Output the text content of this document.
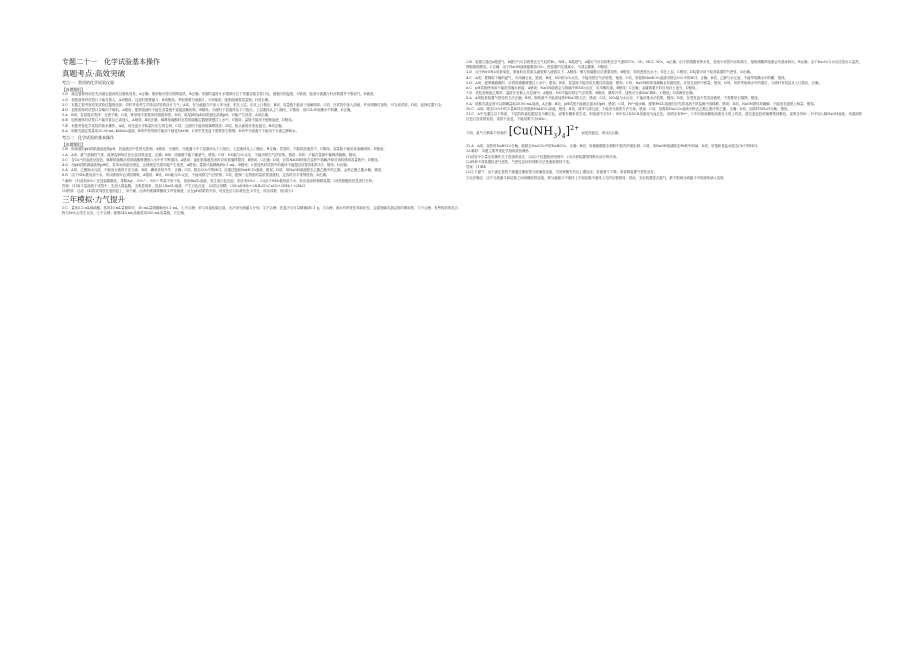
专题二十一　化学试验基本操作
真题考点·高效突破
考点一：常用的化学试验仪器
【真题题组】

1.D　滴定管使用前应先用滴定液润洗以避免误差，A正确；锥形瓶可垫石棉网加热，B正确；蒸馏时温度计水银球应位于蒸馏烧瓶支管口处，测馏分的温度，C错误；振荡分液漏斗时应倒置并不断放气，D错误。

2.D　加热液体时试管口不能对着人，A项错误；过滤时需要漏斗，B项错误；萃取需要分液漏斗，C项错误；配制溶液需容量瓶，D项正确。

3.C　本题主要考查常见试验仪器的选择，同时考查考生对简洁试验的设计力气。A项，在分液漏斗中加入苯分液，苯在上层，应从上口倒出，B项，容量瓶不能用于溶解固体，C项，在试管中加入溶液，并用酒精灯加热，可完成试验，D项，选择仪器不全。

4.D　加热固体时试管口应略向下倾斜，A错误；配制溶液时不能在容量瓶中直接溶解固体，B错误；分液时下层液体从下口放出，上层液体从上口倒出，C错误；用CCl₄萃取碘水中的碘，D正确。

5.A　B项，容量瓶应洗净，无需干燥；C项，锥形瓶不需要用待测液润洗；D项，用湿润的pH试纸测定溶液pH，可能产生误差，A项正确。

6.B　加热液体时试管口不能对着自己或他人，A错误；B项正确；稀释浓硫酸时应将浓硫酸沿器壁缓慢注入水中，C错误；量筒不能用于配制溶液，D错误。

7.B　本题考查化学试验的基本操作。A项，用托盘天平称量时应左物右码；C项，过滤时不能用玻璃棒搅拌；D项，胶头滴管应垂直悬空。B项正确。

8.A　用酸式滴定管量取20.00 mL KMnO₄溶液，B项中瓷坩埚不能用于熔化NaOH，C项中蒸发皿不需要垫石棉网，D项中分液漏斗不能用于分离乙醇和水。

考点二：化学试验的基本操作
【真题题组】

1.B　用润湿的pH试纸测溶液的pH，若溶液呈中性则无影响，A错误；分液时，分液漏斗中下层液体从下口放出，上层液体从上口倒出，B正确；蒸发时，不能将溶液蒸干，C错误；容量瓶不能用来溶解固体，D错误。

2.A　A项：氨气是碱性气体，能使湿润的红色石蕊试纸变蓝，正确；B项：浓硫酸不能干燥氨气，错误；C项：NO能与O₂反应，不能用排空气法收集，错误；D项：不能在量筒中稀释浓硫酸，错误。

3.C　含Cu²⁺的溶液呈蓝色，稀释浓硫酸应将浓硫酸缓慢倒入水中并不断搅拌，A错误；氯化钠溶液蒸发时应用玻璃棒搅拌，B错误；C正确；D项，应将NaOH固体在烧杯中溶解冷却后再转移到容量瓶中，D错误。

4.D　用pH试纸测溶液的pH时，若用水润湿后测定，会使测定结果可能产生误差，A错误；量筒只能精确到0.1 mL，B错误；C项加热时试管中的液体不能超过试管容积的1/3，错误；D正确。

5.A　A项，乙醇和水互溶，不能用分液的方法分离；B项，碘单质易升华，正确；C项，除去CO₂中的HCl，应通过饱和NaHCO₃溶液，错误；D项，用NaOH溶液除去乙酸乙酯中的乙酸，会使乙酸乙酯水解，错误。

6.D　由于NH₃极易溶于水，所以吸收时必须防倒吸，A错误；B项，NO能与O₂反应，不能用排空气法收集；C项，配制一定物质的量浓度溶液时，定容时应平视刻度线；D正确。

7.解析：(1)检验SO₄²⁻先加盐酸酸化，排除Ag⁺、CO₃²⁻、SO₃²⁻等离子的干扰，再加BaCl₂溶液，若生成白色沉淀，则含有SO₄²⁻。(2)由于NH₃极易溶于水，故应选用防倒吸装置。(3)按照题给信息进行分析。

答案：(1)取少量溶液于试管中，先加入稀盐酸，无明显现象，再加入BaCl₂溶液，产生白色沉淀　(2)防止倒吸　(3)Ca(OH)₂+2NH₄Cl=CaCl₂+2NH₃↑+2H₂O

(3)铁屑　过滤　(4)将试剂放在表面皿上，用干燥、洁净的玻璃棒蘸取少许待测液，点在pH试纸的中部，待变色后与标准比色卡对比，读出读数　低(或小)

三年模拟·力气提升

1.C　量取5.2 mL稀硫酸，选用10 mL量筒即可，10 mL量筒精确至0.1 mL，①不合理；苯与四氯化碳互溶，无法用分液漏斗分别，②不合理；托盘天平可以精确到0.1 g，③合理；溴水有挥发性和氧化性，会腐蚀碱式滴定管的橡胶管，④不合理；有些物质的化合物与SiO₂会发生反应，⑤不合理；配制240 mL溶液需用250 mL容量瓶，⑥正确。

2.B　装置①通过a端进气，b端出气可以收集比空气轻的H₂、NH₃，b端进气，a端出气可以收集比空气重的CO₂、Cl₂、HCl、NO₂，A正确；由于浓硫酸有吸水性，造成小试管内水的减少，饱和硝酸钾溶液会有晶体析出，B正确；由于Na₂O₂与水反应放出大量热，使脱脂棉燃烧，C正确；由于NaOH溶液能吸收CO₂，使烧瓶内压强减小，气球会膨胀，D错误。

3.D　由于Fe(OH)₂易被氧化，制备时应将胶头滴管伸入液面以下，A错误；铜与浓硫酸反应需要加热，B错误；苯的密度比水小，苯在上层，C错误；D装置可用于检查装置的气密性，D正确。

4.C　A项，要制取干燥的氨气，可用碱石灰，错误；B项，NO易与O₂反应，不能用排空气法收集，错误；C项，用饱和NaHCO₃溶液可除去CO₂中的HCl，正确；D项，乙醇与水互溶，不能萃取碘水中的碘，错误。

5.D　A项，配制稀硫酸时，应将浓硫酸缓慢注入水中，错误；B项，容量瓶不能用来长期存放溶液，错误；C项，NaOH固体易潮解且有腐蚀性，应放在烧杯中称量，错误；D项，用苯萃取溴水中的溴后，分液时有机层从上口倒出，正确。

6.C　pH试纸使用前不能用蒸馏水润湿，A错误；NaOH溶液会与玻璃中的SiO₂反应，应用橡皮塞，B错误；C正确；金属钠着火时应用沙土盖灭，D错误。

7.D　试验室制备乙烯时，温度计应插入反应液中，A错误；NO不能用排空气法收集，B错误；碘易升华，加热可分离NaCl和I₂，C错误；D项操作正确。

8.A　A项检查装置气密性的方法正确；B项，制取氨气不能用加热NH₄Cl的方法，错误；C项，NO₂能与水反应，不能用排水法收集，错误；D项，在蒸发皿中蒸发溶液时，不需要垫石棉网，错误。

9.A　用酸式滴定管可以精确量取20.00 mL溶液，A正确；B项，pH试纸不能测定氯水的pH，错误；C项，Fe³⁺能水解，配制FeCl₃溶液时应先将其溶于浓盐酸中再稀释，错误；D项，NaOH固体易潮解，不能放在滤纸上称量，错误。

10.C　A项，除去CO₂中的少量HCl应用饱和NaHCO₃溶液，错误；B项，溴苯与溴互溶，不能用分液的方法分离，错误；C项，用饱和Na₂CO₃溶液可除去乙酸乙酯中的乙酸，正确；D项，加热时NH₄Cl分解，错误。

11.C　A中先通过以下物质，下层的四氯化碳层变为紫红色，说明有碘单质生成，则溶液中含有I⁻；B中加入KSCN溶液变为血红色，说明含有Fe³⁺，C中用铂丝蘸取溶液在火焰上灼烧，透过蓝色钴玻璃观察到紫色，说明含有K⁺；D中加入稀NaOH溶液，用湿润的红色石蕊试纸检验，试纸不变蓝，不能说明不含NH₄⁺。

下面，氨气与铜离子形成的 $[Cu(NH_3)_4]^{2+}$
而显深蓝色，所以C正确。

12.A　A项，加热时NaHCO₃分解，能除去Na₂CO₃中的NaHCO₃，正确；B项，用稀硫酸除去铜粉中混有的氧化铜，C项，用NaOH溶液除去Fe粉中的Al，D项，用饱和食盐水除去Cl₂中的HCl。

13.解析：本题主要考查化学基础试验操作。

(1)试验中少量实验操作关于洗涤的说法，(2)由于仪器的使用细节，(3)分析装置图判断各部分的作用。

(2)两种不同装置检查气密性，气密性良好的判断方法是液面保持不变。

答案：(1)BE

(2)①不漏气　由于滴定管的下端通过橡胶管与玻璃管连接，关闭弹簧夹后从上端加水，若液面不下降，则说明装置气密性良好。

②无法确定　由于分液漏斗和烧瓶之间用橡胶管连接，使分液漏斗中液体上方和烧瓶中液体上方的压强相同，因此，无论装置是否漏气，都不影响分液漏斗中的液体滴入烧瓶
